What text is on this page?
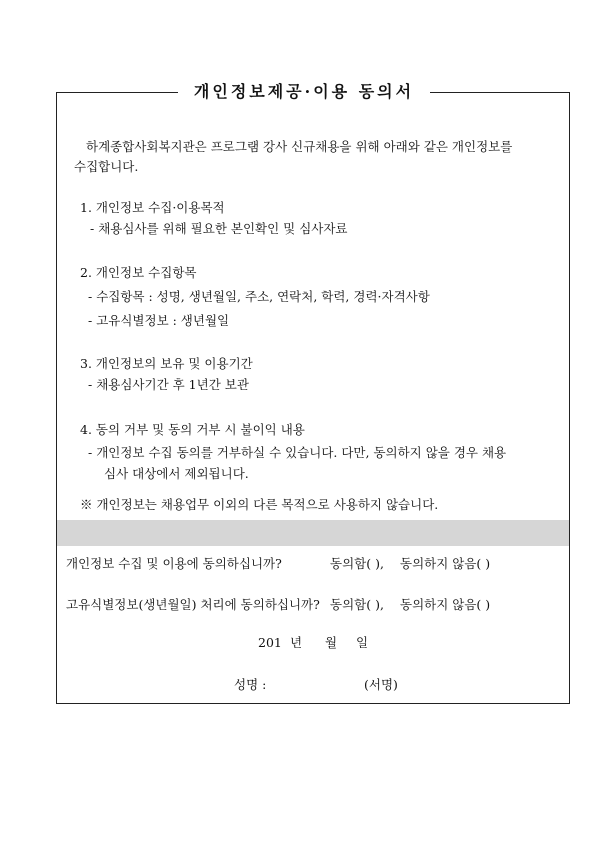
개인정보제공·이용 동의서
하계종합사회복지관은 프로그램 강사 신규채용을 위해 아래와 같은 개인정보를
수집합니다.
1. 개인정보 수집·이용목적
- 채용심사를 위해 필요한 본인확인 및 심사자료
2. 개인정보 수집항목
- 수집항목 : 성명, 생년월일, 주소, 연락처, 학력, 경력·자격사항
- 고유식별정보 : 생년월일
3. 개인정보의 보유 및 이용기간
- 채용심사기간 후 1년간 보관
4. 동의 거부 및 동의 거부 시 불이익 내용
- 개인정보 수집 동의를 거부하실 수 있습니다. 다만, 동의하지 않을 경우 채용
심사 대상에서 제외됩니다.
※ 개인정보는 채용업무 이외의 다른 목적으로 사용하지 않습니다.
개인정보 수집 및 이용에 동의하십니까?	동의함( ), 동의하지 않음( )
고유식별정보(생년월일) 처리에 동의하십니까? 동의함( ), 동의하지 않음( )
201 년 월 일
성명 :	(서명)
